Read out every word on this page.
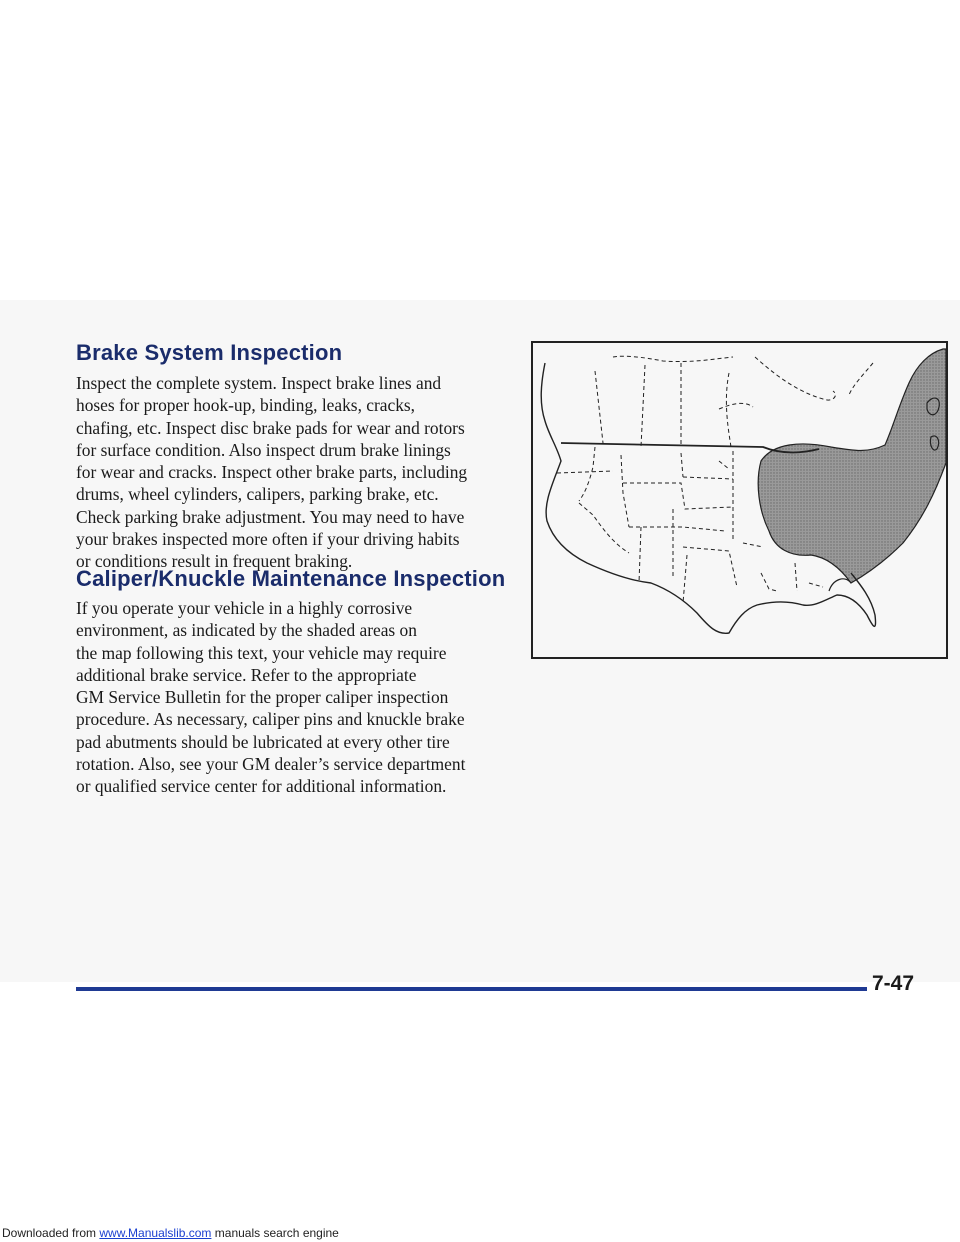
Brake System Inspection

Inspect the complete system. Inspect brake lines and
hoses for proper hook-up, binding, leaks, cracks,
chafing, etc. Inspect disc brake pads for wear and rotors
for surface condition. Also inspect drum brake linings
for wear and cracks. Inspect other brake parts, including
drums, wheel cylinders, calipers, parking brake, etc.
Check parking brake adjustment. You may need to have
your brakes inspected more often if your driving habits
or conditions result in frequent braking.

Caliper/Knuckle Maintenance Inspection

If you operate your vehicle in a highly corrosive
environment, as indicated by the shaded areas on
the map following this text, your vehicle may require
additional brake service. Refer to the appropriate
GM Service Bulletin for the proper caliper inspection
procedure. As necessary, caliper pins and knuckle brake
pad abutments should be lubricated at every other tire
rotation. Also, see your GM dealer’s service department
or qualified service center for additional information.

7-47

Downloaded from www.Manualslib.com manuals search engine
